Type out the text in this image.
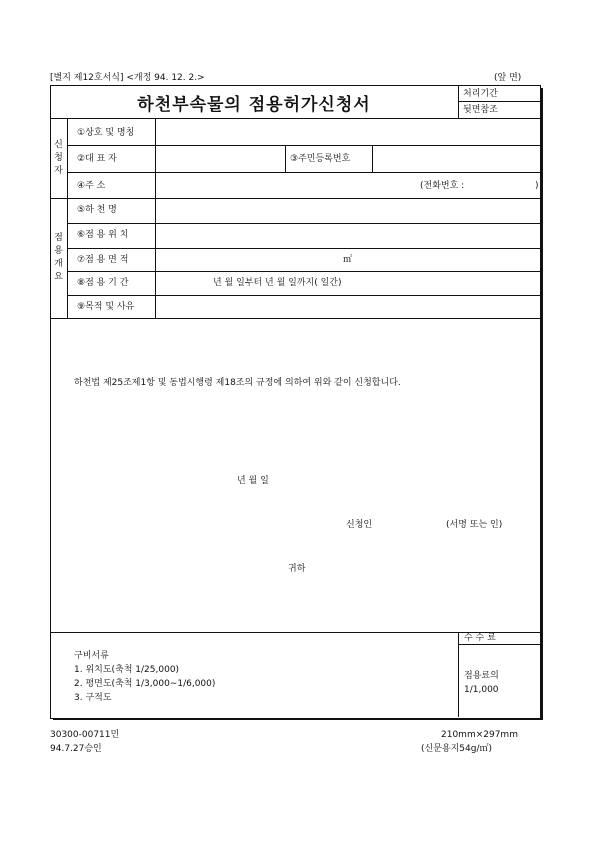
[별지 제12호서식] <개정 94. 12. 2.>	(앞 면)
하천부속물의 점용허가신청서
처리기간
뒷면참조
신
청
자
①상호 및 명칭
②대 표 자	③주민등록번호
④주 소	(전화번호 :	)
점
용
개
요
⑤하 천 명
⑥점 용 위 치
⑦점 용 면 적	㎡
⑧점 용 기 간	년 월 일부터 년 월 일까지( 일간)
⑨목적 및 사유
하천법 제25조제1항 및 동법시행령 제18조의 규정에 의하여 위와 같이 신청합니다.
년 월 일
신청인	(서명 또는 인)
귀하
구비서류
1. 위치도(축척 1/25,000)
2. 평면도(축척 1/3,000∼1/6,000)
3. 구적도
수 수 료
점용료의
1/1,000
30300-00711민
94.7.27승인
210mm×297mm
(신문용지54g/㎡)
